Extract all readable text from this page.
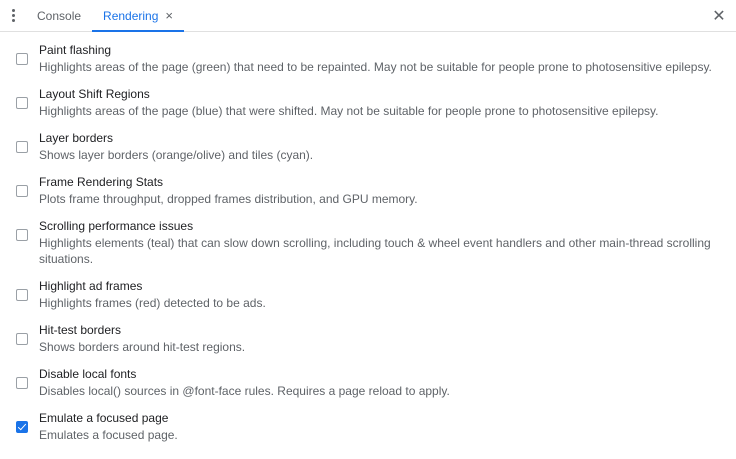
Console Rendering ×	✕
Paint flashing
Highlights areas of the page (green) that need to be repainted. May not be suitable for people prone to photosensitive epilepsy.
Layout Shift Regions
Highlights areas of the page (blue) that were shifted. May not be suitable for people prone to photosensitive epilepsy.
Layer borders
Shows layer borders (orange/olive) and tiles (cyan).
Frame Rendering Stats
Plots frame throughput, dropped frames distribution, and GPU memory.
Scrolling performance issues
Highlights elements (teal) that can slow down scrolling, including touch & wheel event handlers and other main-thread scrolling situations.
Highlight ad frames
Highlights frames (red) detected to be ads.
Hit-test borders
Shows borders around hit-test regions.
Disable local fonts
Disables local() sources in @font-face rules. Requires a page reload to apply.
Emulate a focused page
Emulates a focused page.
